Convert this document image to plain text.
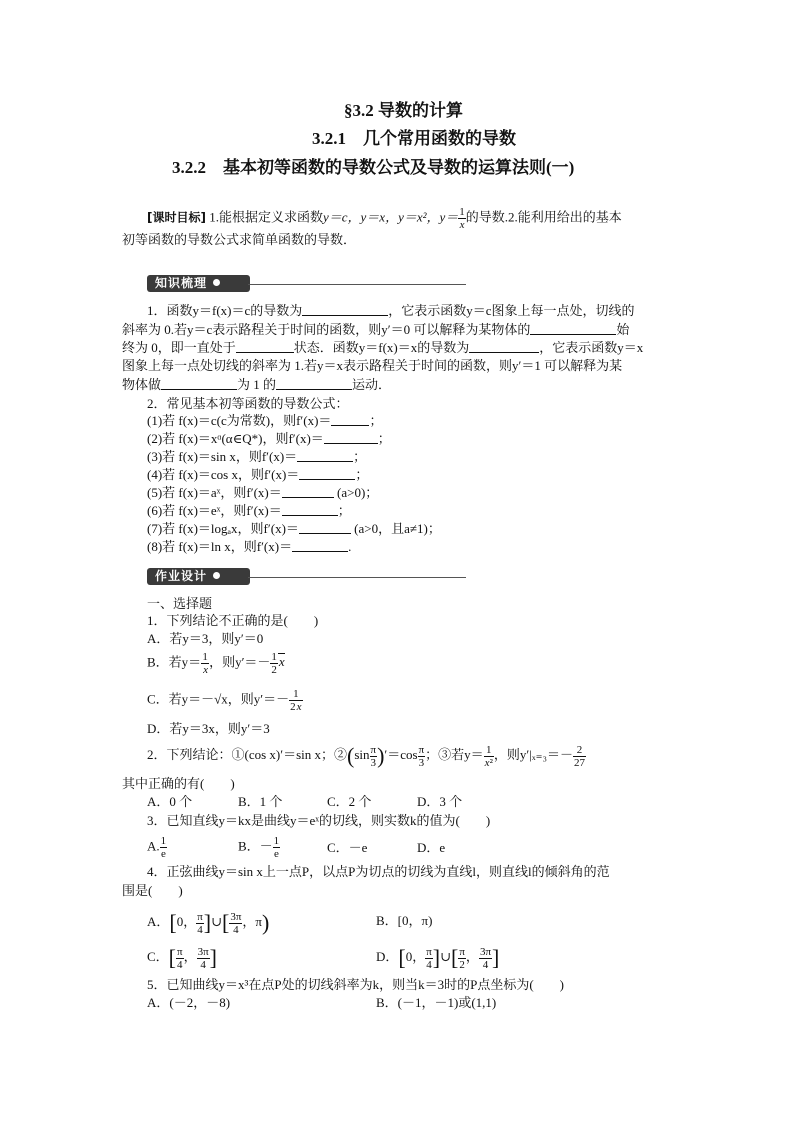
§3.2 导数的计算
3.2.1　几个常用函数的导数
3.2.2　基本初等函数的导数公式及导数的运算法则(一)
[课时目标] 1.能根据定义求函数y＝c，y＝x，y＝x²，$y= \frac{1}{x}$ 的导数.2.能利用给出的基本
初等函数的导数公式求简单函数的导数．
知识梳理
1．函数y＝f(x)＝c的导数为	，它表示函数y＝c图象上每一点处，切线的
斜率为 0.若y＝c表示路程关于时间的函数，则y′＝0 可以解释为某物体的	始
终为 0，即一直处于	状态．函数y＝f(x)＝x的导数为	，它表示函数y＝x
图象上每一点处切线的斜率为 1.若y＝x表示路程关于时间的函数，则y′＝1 可以解释为某
物体做	为 1 的	运动．
2．常见基本初等函数的导数公式：
(1)若 f(x)＝c(c为常数)，则f′(x)＝	；
(2)若 f(x)＝xᵅ(α∈Q*)，则f′(x)＝	；
(3)若 f(x)＝sin x，则f′(x)＝	；
(4)若 f(x)＝cos x，则f′(x)＝	；
(5)若 f(x)＝aˣ，则f′(x)＝	(a>0)；
(6)若 f(x)＝eˣ，则f′(x)＝	；
(7)若 f(x)＝logₐx，则f′(x)＝	(a>0，且a≠1)；
(8)若 f(x)＝ln x，则f′(x)＝	.
作业设计
一、选择题
1．下列结论不正确的是(　　)
A．若y＝3，则y′＝0
B．若$y= \frac{1}{x}$ ，则$y'=- \frac{1}{2}$ x
C．若y＝－√x，则$y'=- \frac{1}{2x}$
D．若y＝3x，则y′＝3
2．下列结论：①(cos x)′＝sin x；②(sin $\frac{\pi}{3} )'=\cos \frac{\pi}{3}$ ；③若$y= \frac{1}{\text{x²}}$ ，则$y'|_{x=3}=- \frac{2}{27}$
其中正确的有(　　)
A．0 个	B．1 个	C．2 个	D．3 个
3．已知直线y＝kx是曲线y＝eˣ的切线，则实数k的值为(　　)
A. $\frac{1}{e}$	B．－ $\frac{1}{e}$	C．－e	D．e
4．正弦曲线y＝sin x上一点P，以点P为切点的切线为直线l，则直线l的倾斜角的范
围是(　　)
A．[0， $\frac{\pi}{4}$ ]∪[ $\frac{3\pi}{4}$ ，π)	B．[0，π)
C．[ $\frac{\pi}{4}$ ， $\frac{3\pi}{4}$ ]	D．[0， $\frac{\pi}{4}$ ]∪[ $\frac{\pi}{2}$ ， $\frac{3\pi}{4}$ ]
5．已知曲线y＝x³在点P处的切线斜率为k，则当k＝3时的P点坐标为(　　)
A．(－2，－8)	B．(－1，－1)或(1,1)
